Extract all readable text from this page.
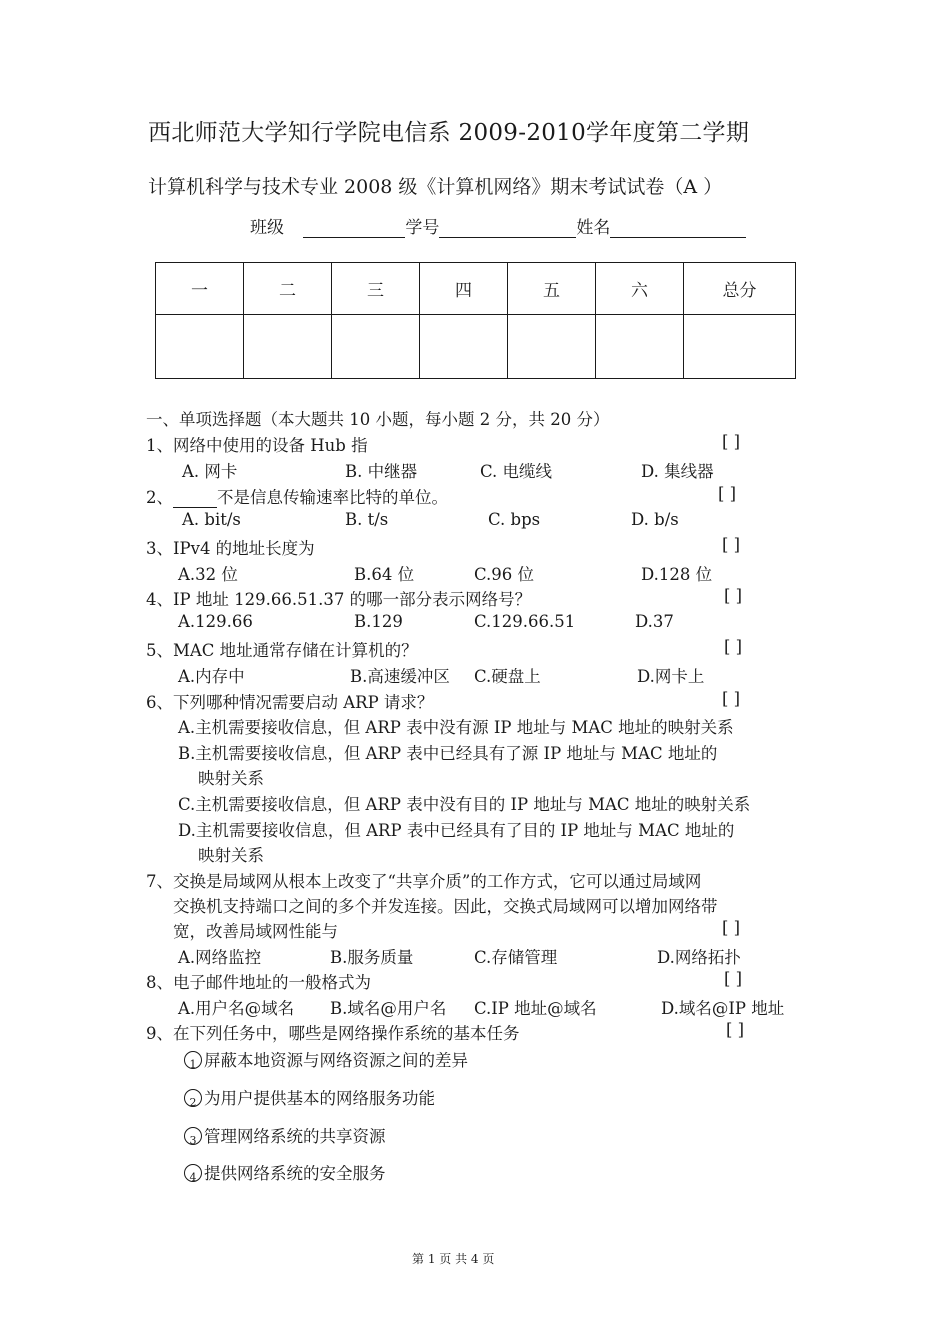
西北师范大学知行学院电信系 2009-2010学年度第二学期
计算机科学与技术专业 2008 级《计算机网络》期末考试试卷（A ）
班级	学号	姓名
一	二	三	四	五	六	总分

一、单项选择题（本大题共 10 小题，每小题 2 分，共 20 分）
1、网络中使用的设备 Hub 指	[ ]
A. 网卡	B. 中继器	C. 电缆线	D. 集线器
2、	不是信息传输速率比特的单位。	[ ]
A. bit/s	B. t/s	C. bps	D. b/s
3、IPv4 的地址长度为	[ ]
A.32 位	B.64 位	C.96 位	D.128 位
4、IP 地址 129.66.51.37 的哪一部分表示网络号？	[ ]
A.129.66	B.129	C.129.66.51	D.37
5、MAC 地址通常存储在计算机的？	[ ]
A.内存中	B.高速缓冲区 C.硬盘上	D.网卡上
6、下列哪种情况需要启动 ARP 请求？	[ ]
A.主机需要接收信息，但 ARP 表中没有源 IP 地址与 MAC 地址的映射关系
B.主机需要接收信息，但 ARP 表中已经具有了源 IP 地址与 MAC 地址的
映射关系
C.主机需要接收信息，但 ARP 表中没有目的 IP 地址与 MAC 地址的映射关系
D.主机需要接收信息，但 ARP 表中已经具有了目的 IP 地址与 MAC 地址的
映射关系
7、交换是局域网从根本上改变了“共享介质”的工作方式，它可以通过局域网
交换机支持端口之间的多个并发连接。因此，交换式局域网可以增加网络带
宽，改善局域网性能与	[ ]
A.网络监控	B.服务质量	C.存储管理	D.网络拓扑
8、电子邮件地址的一般格式为	[ ]
A.用户名@域名 B.域名@用户名 C.IP 地址@域名	D.域名@IP 地址
9、在下列任务中，哪些是网络操作系统的基本任务	[ ]
1 屏蔽本地资源与网络资源之间的差异
2 为用户提供基本的网络服务功能
3 管理网络系统的共享资源
4 提供网络系统的安全服务
第 1 页 共 4 页
